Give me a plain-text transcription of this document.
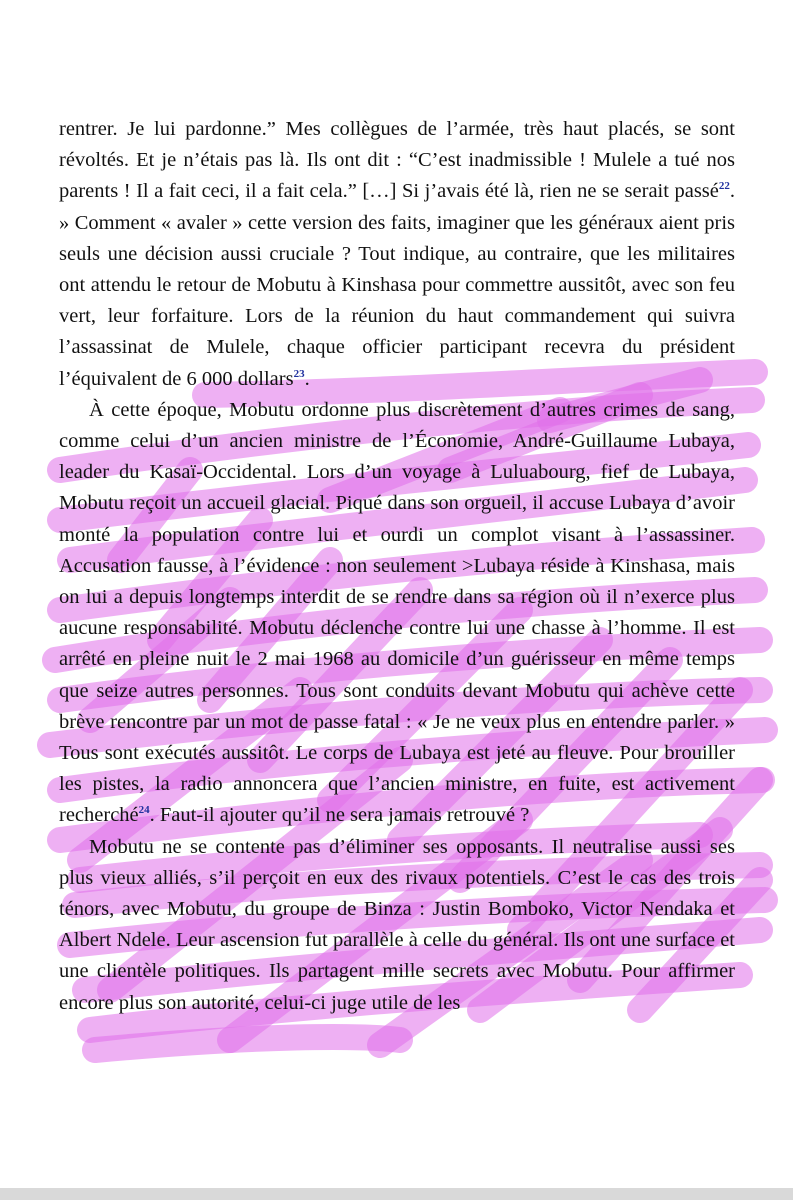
rentrer. Je lui pardonne.” Mes collègues de l’armée, très haut placés, se sont révoltés. Et je n’étais pas là. Ils ont dit : “C’est inadmissible ! Mulele a tué nos parents ! Il a fait ceci, il a fait cela.” […] Si j’avais été là, rien ne se serait passé$^{22}$. » Comment « avaler » cette version des faits, imaginer que les généraux aient pris seuls une décision aussi cruciale ? Tout indique, au contraire, que les militaires ont attendu le retour de Mobutu à Kinshasa pour commettre aussitôt, avec son feu vert, leur forfaiture. Lors de la réunion du haut commandement qui suivra l’assassinat de Mulele, chaque officier participant recevra du président l’équivalent de 6 000 dollars$^{23}$.

À cette époque, Mobutu ordonne plus discrètement d’autres crimes de sang, comme celui d’un ancien ministre de l’Économie, André-Guillaume Lubaya, leader du Kasaï-Occidental. Lors d’un voyage à Luluabourg, fief de Lubaya, Mobutu reçoit un accueil glacial. Piqué dans son orgueil, il accuse Lubaya d’avoir monté la population contre lui et ourdi un complot visant à l’assassiner. Accusation fausse, à l’évidence : non seulement >Lubaya réside à Kinshasa, mais on lui a depuis longtemps interdit de se rendre dans sa région où il n’exerce plus aucune responsabilité. Mobutu déclenche contre lui une chasse à l’homme. Il est arrêté en pleine nuit le 2 mai 1968 au domicile d’un guérisseur en même temps que seize autres personnes. Tous sont conduits devant Mobutu qui achève cette brève rencontre par un mot de passe fatal : « Je ne veux plus en entendre parler. » Tous sont exécutés aussitôt. Le corps de Lubaya est jeté au fleuve. Pour brouiller les pistes, la radio annoncera que l’ancien ministre, en fuite, est activement recherché$^{24}$. Faut-il ajouter qu’il ne sera jamais retrouvé ?

Mobutu ne se contente pas d’éliminer ses opposants. Il neutralise aussi ses plus vieux alliés, s’il perçoit en eux des rivaux potentiels. C’est le cas des trois ténors, avec Mobutu, du groupe de Binza : Justin Bomboko, Victor Nendaka et Albert Ndele. Leur ascension fut parallèle à celle du général. Ils ont une surface et une clientèle politiques. Ils partagent mille secrets avec Mobutu. Pour affirmer encore plus son autorité, celui-ci juge utile de les
